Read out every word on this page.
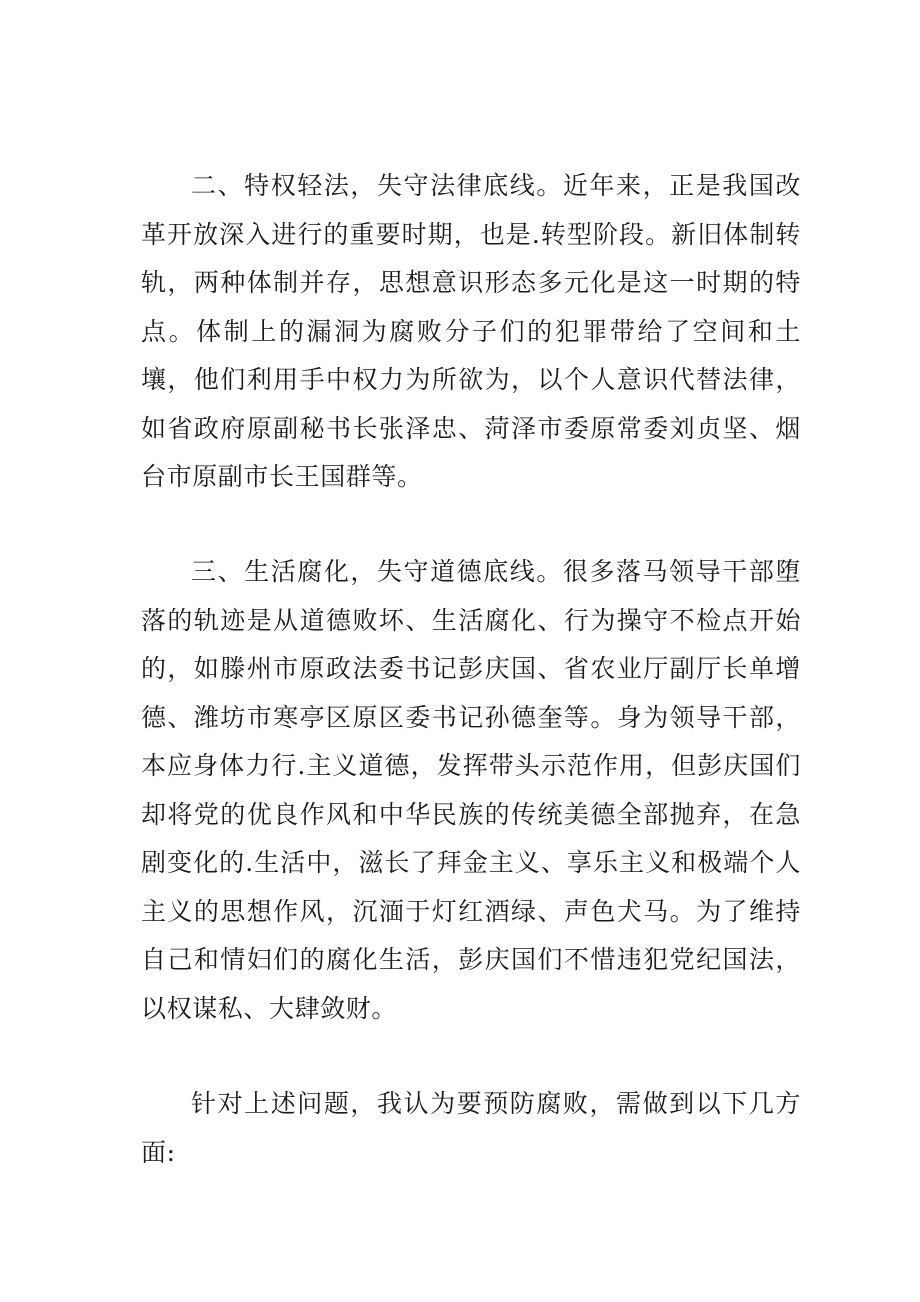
二、特权轻法，失守法律底线。近年来，正是我国改革开放深入进行的重要时期，也是.转型阶段。新旧体制转轨，两种体制并存，思想意识形态多元化是这一时期的特点。体制上的漏洞为腐败分子们的犯罪带给了空间和土壤，他们利用手中权力为所欲为，以个人意识代替法律，如省政府原副秘书长张泽忠、菏泽市委原常委刘贞坚、烟台市原副市长王国群等。

三、生活腐化，失守道德底线。很多落马领导干部堕落的轨迹是从道德败坏、生活腐化、行为操守不检点开始的，如滕州市原政法委书记彭庆国、省农业厅副厅长单增德、潍坊市寒亭区原区委书记孙德奎等。身为领导干部，本应身体力行.主义道德，发挥带头示范作用，但彭庆国们却将党的优良作风和中华民族的传统美德全部抛弃，在急剧变化的.生活中，滋长了拜金主义、享乐主义和极端个人主义的思想作风，沉湎于灯红酒绿、声色犬马。为了维持自己和情妇们的腐化生活，彭庆国们不惜违犯党纪国法，以权谋私、大肆敛财。

针对上述问题，我认为要预防腐败，需做到以下几方面:
